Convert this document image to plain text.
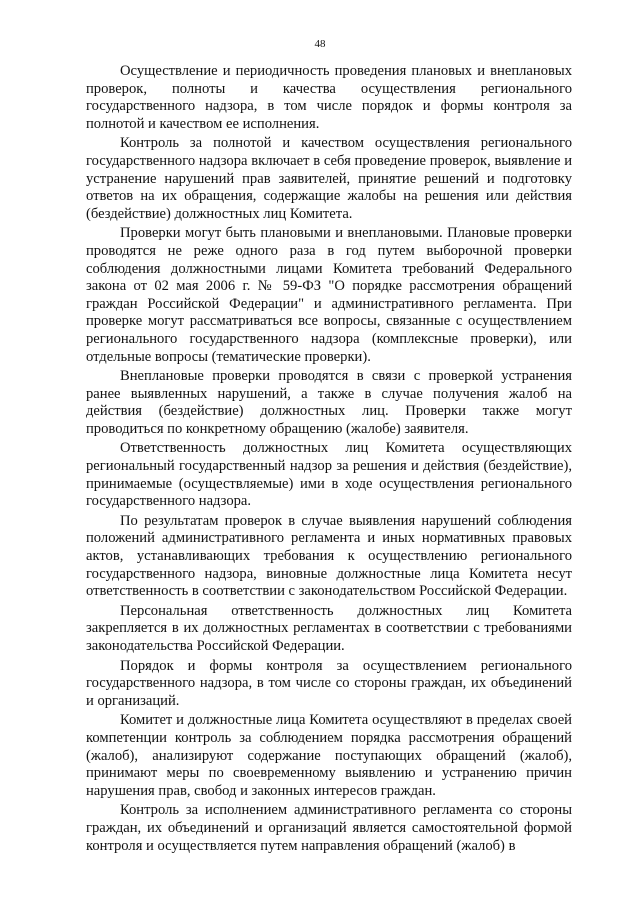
48

Осуществление и периодичность проведения плановых и внеплановых проверок, полноты и качества осуществления регионального государственного надзора, в том числе порядок и формы контроля за полнотой и качеством ее исполнения.

Контроль за полнотой и качеством осуществления регионального государственного надзора включает в себя проведение проверок, выявление и устранение нарушений прав заявителей, принятие решений и подготовку ответов на их обращения, содержащие жалобы на решения или действия (бездействие) должностных лиц Комитета.

Проверки могут быть плановыми и внеплановыми. Плановые проверки проводятся не реже одного раза в год путем выборочной проверки соблюдения должностными лицами Комитета требований Федерального закона от 02 мая 2006 г. № 59-ФЗ "О порядке рассмотрения обращений граждан Российской Федерации" и административного регламента. При проверке могут рассматриваться все вопросы, связанные с осуществлением регионального государственного надзора (комплексные проверки), или отдельные вопросы (тематические проверки).

Внеплановые проверки проводятся в связи с проверкой устранения ранее выявленных нарушений, а также в случае получения жалоб на действия (бездействие) должностных лиц. Проверки также могут проводиться по конкретному обращению (жалобе) заявителя.

Ответственность должностных лиц Комитета осуществляющих региональный государственный надзор за решения и действия (бездействие), принимаемые (осуществляемые) ими в ходе осуществления регионального государственного надзора.

По результатам проверок в случае выявления нарушений соблюдения положений административного регламента и иных нормативных правовых актов, устанавливающих требования к осуществлению регионального государственного надзора, виновные должностные лица Комитета несут ответственность в соответствии с законодательством Российской Федерации.

Персональная ответственность должностных лиц Комитета закрепляется в их должностных регламентах в соответствии с требованиями законодательства Российской Федерации.

Порядок и формы контроля за осуществлением регионального государственного надзора, в том числе со стороны граждан, их объединений и организаций.

Комитет и должностные лица Комитета осуществляют в пределах своей компетенции контроль за соблюдением порядка рассмотрения обращений (жалоб), анализируют содержание поступающих обращений (жалоб), принимают меры по своевременному выявлению и устранению причин нарушения прав, свобод и законных интересов граждан.

Контроль за исполнением административного регламента со стороны граждан, их объединений и организаций является самостоятельной формой контроля и осуществляется путем направления обращений (жалоб) в
